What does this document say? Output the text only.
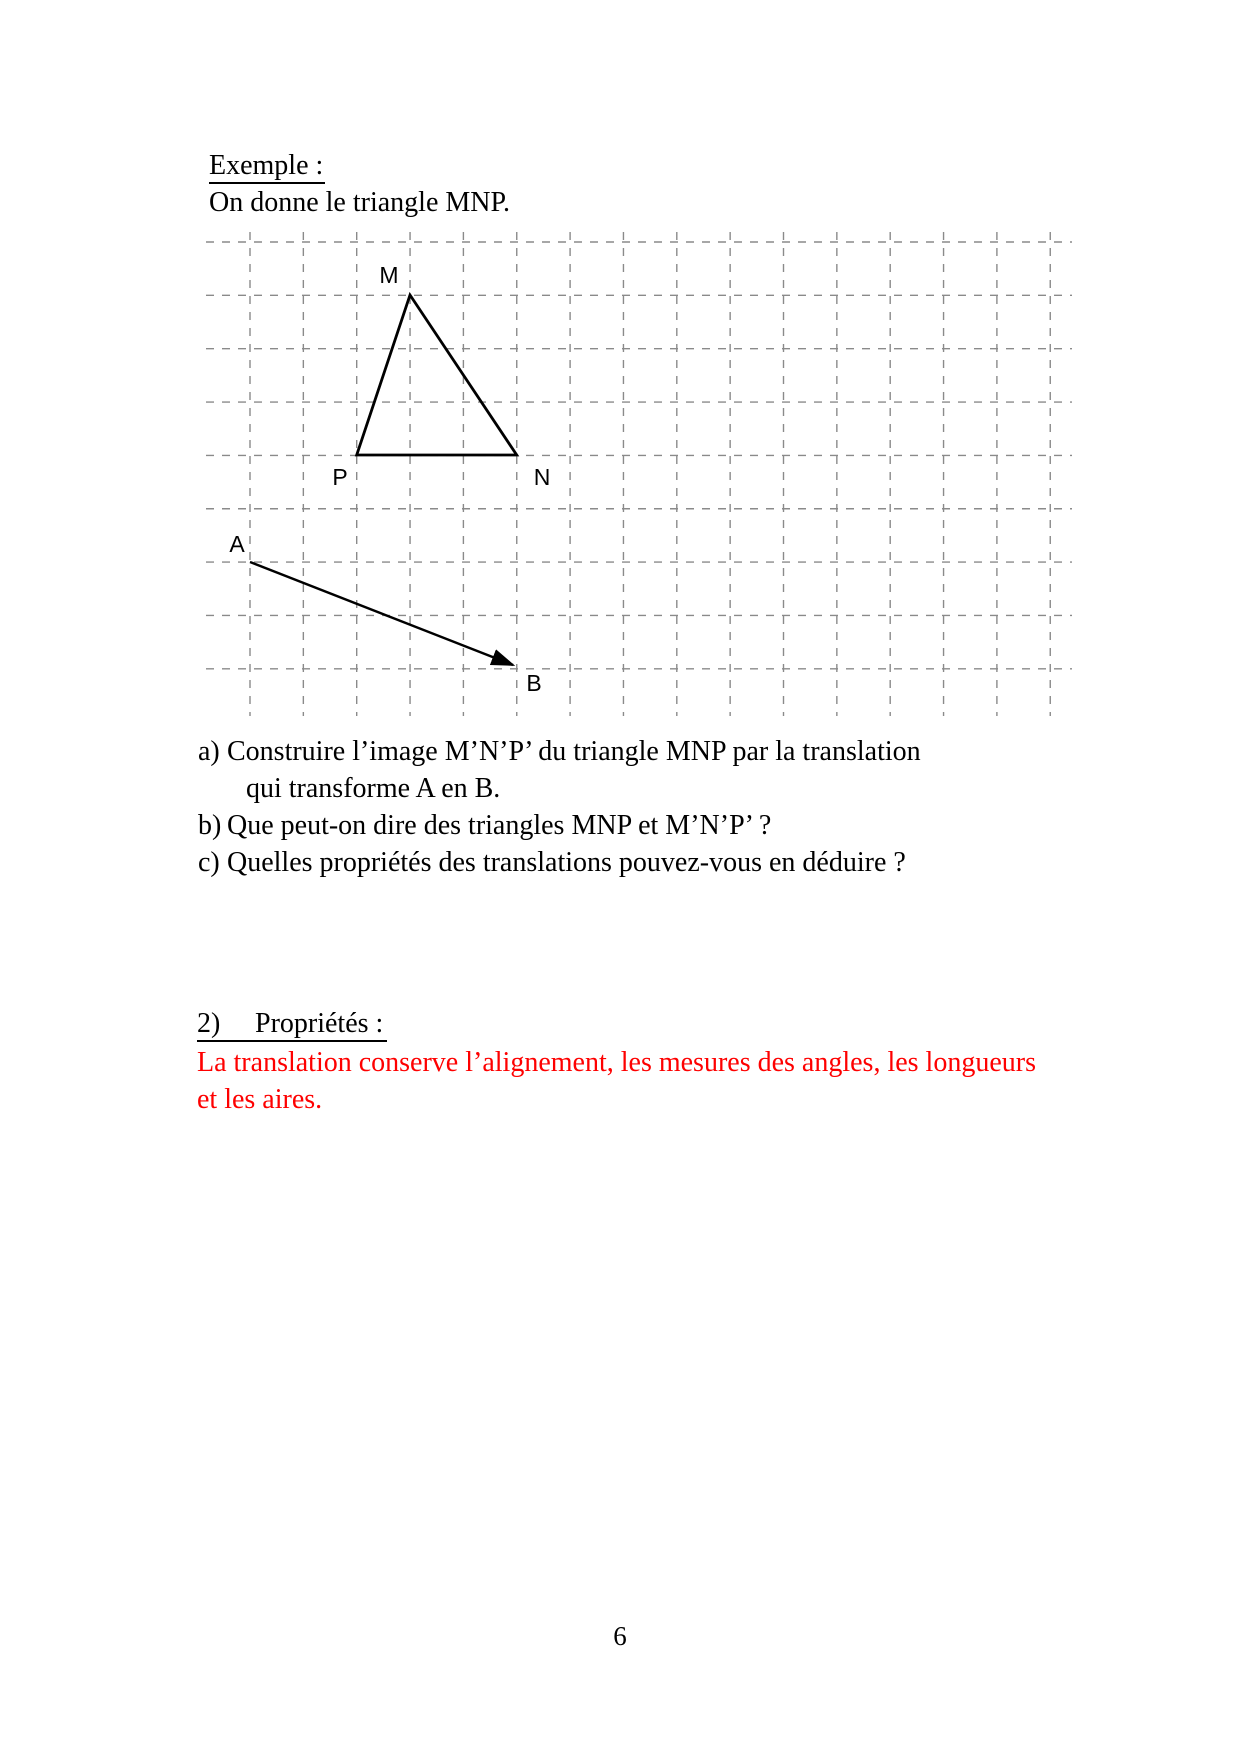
Exemple :
On donne le triangle MNP.
M
P	N
A
B
a) Construire l’image M’N’P’ du triangle MNP par la translation
qui transforme A en B.
b) Que peut-on dire des triangles MNP et M’N’P’ ?
c) Quelles propriétés des translations pouvez-vous en déduire ?
2) Propriétés :
La translation conserve l’alignement, les mesures des angles, les longueurs
et les aires.
6
